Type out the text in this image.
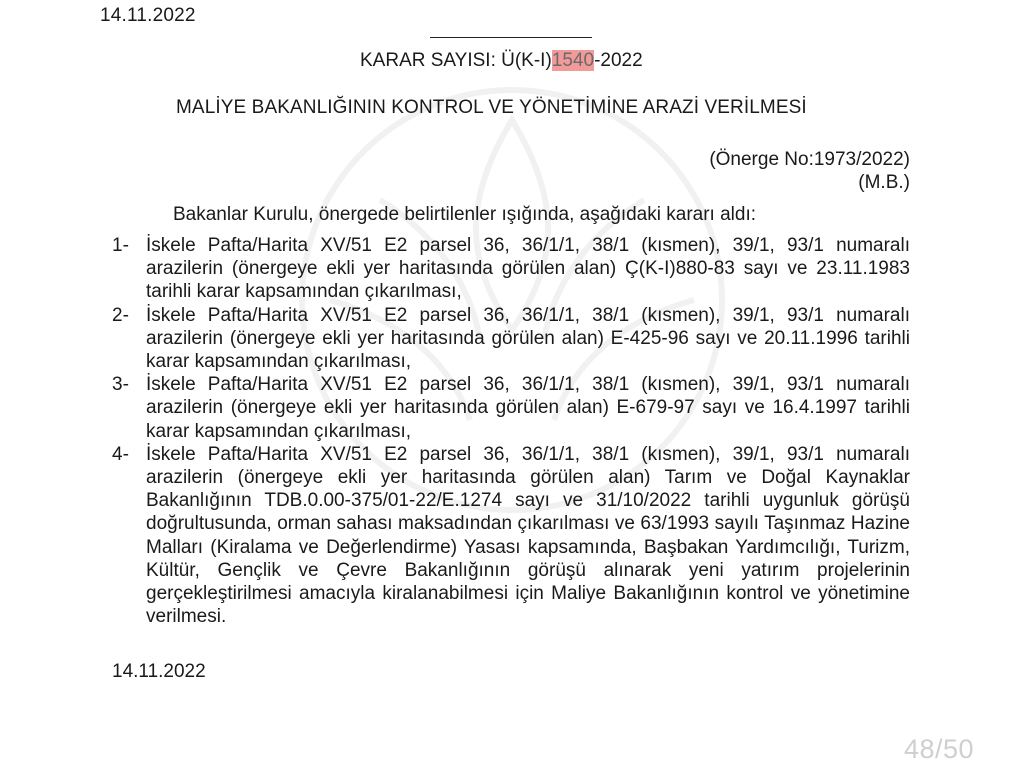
14.11.2022
KARAR SAYISI: Ü(K-I)1540-2022
MALİYE BAKANLIĞININ KONTROL VE YÖNETİMİNE ARAZİ VERİLMESİ
(Önerge No:1973/2022)
(M.B.)
Bakanlar Kurulu, önergede belirtilenler ışığında, aşağıdaki kararı aldı:
1- İskele Pafta/Harita XV/51 E2 parsel 36, 36/1/1, 38/1 (kısmen), 39/1, 93/1 numaralı arazilerin (önergeye ekli yer haritasında görülen alan) Ç(K-I)880-83 sayı ve 23.11.1983 tarihli karar kapsamından çıkarılması,
2- İskele Pafta/Harita XV/51 E2 parsel 36, 36/1/1, 38/1 (kısmen), 39/1, 93/1 numaralı arazilerin (önergeye ekli yer haritasında görülen alan) E-425-96 sayı ve 20.11.1996 tarihli karar kapsamından çıkarılması,
3- İskele Pafta/Harita XV/51 E2 parsel 36, 36/1/1, 38/1 (kısmen), 39/1, 93/1 numaralı arazilerin (önergeye ekli yer haritasında görülen alan) E-679-97 sayı ve 16.4.1997 tarihli karar kapsamından çıkarılması,
4- İskele Pafta/Harita XV/51 E2 parsel 36, 36/1/1, 38/1 (kısmen), 39/1, 93/1 numaralı arazilerin (önergeye ekli yer haritasında görülen alan) Tarım ve Doğal Kaynaklar Bakanlığının TDB.0.00-375/01-22/E.1274 sayı ve 31/10/2022 tarihli uygunluk görüşü doğrultusunda, orman sahası maksadından çıkarılması ve 63/1993 sayılı Taşınmaz Hazine Malları (Kiralama ve Değerlendirme) Yasası kapsamında, Başbakan Yardımcılığı, Turizm, Kültür, Gençlik ve Çevre Bakanlığının görüşü alınarak yeni yatırım projelerinin gerçekleştirilmesi amacıyla kiralanabilmesi için Maliye Bakanlığının kontrol ve yönetimine verilmesi.
14.11.2022
48/50
